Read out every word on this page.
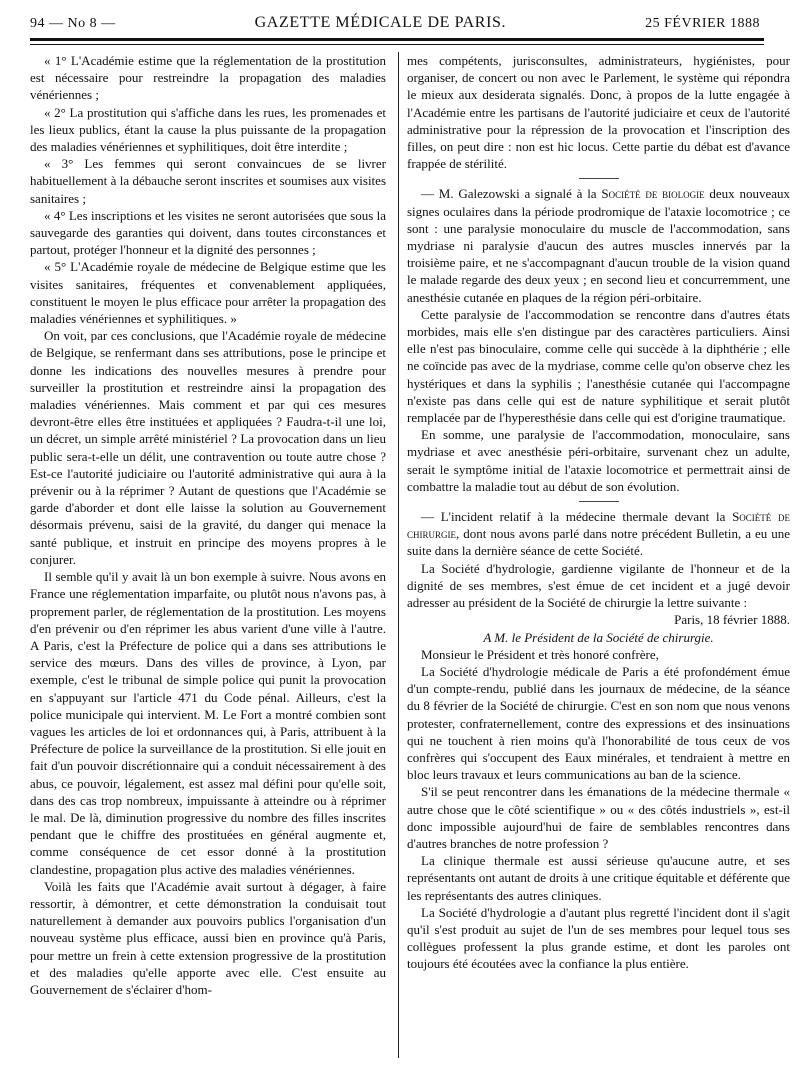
94 — No 8 —	GAZETTE MÉDICALE DE PARIS.	25 FÉVRIER 1888

« 1° L'Académie estime que la réglementation de la prostitution est nécessaire pour restreindre la propagation des maladies vénériennes ;

« 2° La prostitution qui s'affiche dans les rues, les promenades et les lieux publics, étant la cause la plus puissante de la propagation des maladies vénériennes et syphilitiques, doit être interdite ;

« 3° Les femmes qui seront convaincues de se livrer habituellement à la débauche seront inscrites et soumises aux visites sanitaires ;

« 4° Les inscriptions et les visites ne seront autorisées que sous la sauvegarde des garanties qui doivent, dans toutes circonstances et partout, protéger l'honneur et la dignité des personnes ;

« 5° L'Académie royale de médecine de Belgique estime que les visites sanitaires, fréquentes et convenablement appliquées, constituent le moyen le plus efficace pour arrêter la propagation des maladies vénériennes et syphilitiques. »

On voit, par ces conclusions, que l'Académie royale de médecine de Belgique, se renfermant dans ses attributions, pose le principe et donne les indications des nouvelles mesures à prendre pour surveiller la prostitution et restreindre ainsi la propagation des maladies vénériennes. Mais comment et par qui ces mesures devront-être elles être instituées et appliquées ? Faudra-t-il une loi, un décret, un simple arrêté ministériel ? La provocation dans un lieu public sera-t-elle un délit, une contravention ou toute autre chose ? Est-ce l'autorité judiciaire ou l'autorité administrative qui aura à la prévenir ou à la réprimer ? Autant de questions que l'Académie se garde d'aborder et dont elle laisse la solution au Gouvernement désormais prévenu, saisi de la gravité, du danger qui menace la santé publique, et instruit en principe des moyens propres à le conjurer.

Il semble qu'il y avait là un bon exemple à suivre. Nous avons en France une réglementation imparfaite, ou plutôt nous n'avons pas, à proprement parler, de réglementation de la prostitution. Les moyens d'en prévenir ou d'en réprimer les abus varient d'une ville à l'autre. A Paris, c'est la Préfecture de police qui a dans ses attributions le service des mœurs. Dans des villes de province, à Lyon, par exemple, c'est le tribunal de simple police qui punit la provocation en s'appuyant sur l'article 471 du Code pénal. Ailleurs, c'est la police municipale qui intervient. M. Le Fort a montré combien sont vagues les articles de loi et ordonnances qui, à Paris, attribuent à la Préfecture de police la surveillance de la prostitution. Si elle jouit en fait d'un pouvoir discrétionnaire qui a conduit nécessairement à des abus, ce pouvoir, légalement, est assez mal défini pour qu'elle soit, dans des cas trop nombreux, impuissante à atteindre ou à réprimer le mal. De là, diminution progressive du nombre des filles inscrites pendant que le chiffre des prostituées en général augmente et, comme conséquence de cet essor donné à la prostitution clandestine, propagation plus active des maladies vénériennes.

Voilà les faits que l'Académie avait surtout à dégager, à faire ressortir, à démontrer, et cette démonstration la conduisait tout naturellement à demander aux pouvoirs publics l'organisation d'un nouveau système plus efficace, aussi bien en province qu'à Paris, pour mettre un frein à cette extension progressive de la prostitution et des maladies qu'elle apporte avec elle. C'est ensuite au Gouvernement de s'éclairer d'hom-

mes compétents, jurisconsultes, administrateurs, hygiénistes, pour organiser, de concert ou non avec le Parlement, le système qui répondra le mieux aux desiderata signalés. Donc, à propos de la lutte engagée à l'Académie entre les partisans de l'autorité judiciaire et ceux de l'autorité administrative pour la répression de la provocation et l'inscription des filles, on peut dire : non est hic locus. Cette partie du débat est d'avance frappée de stérilité.

— M. Galezowski a signalé à la Société de biologie deux nouveaux signes oculaires dans la période prodromique de l'ataxie locomotrice ; ce sont : une paralysie monoculaire du muscle de l'accommodation, sans mydriase ni paralysie d'aucun des autres muscles innervés par la troisième paire, et ne s'accompagnant d'aucun trouble de la vision quand le malade regarde des deux yeux ; en second lieu et concurremment, une anesthésie cutanée en plaques de la région péri-orbitaire.

Cette paralysie de l'accommodation se rencontre dans d'autres états morbides, mais elle s'en distingue par des caractères particuliers. Ainsi elle n'est pas binoculaire, comme celle qui succède à la diphthérie ; elle ne coïncide pas avec de la mydriase, comme celle qu'on observe chez les hystériques et dans la syphilis ; l'anesthésie cutanée qui l'accompagne n'existe pas dans celle qui est de nature syphilitique et serait plutôt remplacée par de l'hyperesthésie dans celle qui est d'origine traumatique.

En somme, une paralysie de l'accommodation, monoculaire, sans mydriase et avec anesthésie péri-orbitaire, survenant chez un adulte, serait le symptôme initial de l'ataxie locomotrice et permettrait ainsi de combattre la maladie tout au début de son évolution.

— L'incident relatif à la médecine thermale devant la Société de chirurgie, dont nous avons parlé dans notre précédent Bulletin, a eu une suite dans la dernière séance de cette Société.

La Société d'hydrologie, gardienne vigilante de l'honneur et de la dignité de ses membres, s'est émue de cet incident et a jugé devoir adresser au président de la Société de chirurgie la lettre suivante :

Paris, 18 février 1888.

A M. le Président de la Société de chirurgie.

Monsieur le Président et très honoré confrère,

La Société d'hydrologie médicale de Paris a été profondément émue d'un compte-rendu, publié dans les journaux de médecine, de la séance du 8 février de la Société de chirurgie. C'est en son nom que nous venons protester, confraternellement, contre des expressions et des insinuations qui ne touchent à rien moins qu'à l'honorabilité de tous ceux de vos confrères qui s'occupent des Eaux minérales, et tendraient à mettre en bloc leurs travaux et leurs communications au ban de la science.

S'il se peut rencontrer dans les émanations de la médecine thermale « autre chose que le côté scientifique » ou « des côtés industriels », est-il donc impossible aujourd'hui de faire de semblables rencontres dans d'autres branches de notre profession ?

La clinique thermale est aussi sérieuse qu'aucune autre, et ses représentants ont autant de droits à une critique équitable et déférente que les représentants des autres cliniques.

La Société d'hydrologie a d'autant plus regretté l'incident dont il s'agit qu'il s'est produit au sujet de l'un de ses membres pour lequel tous ses collègues professent la plus grande estime, et dont les paroles ont toujours été écoutées avec la confiance la plus entière.
